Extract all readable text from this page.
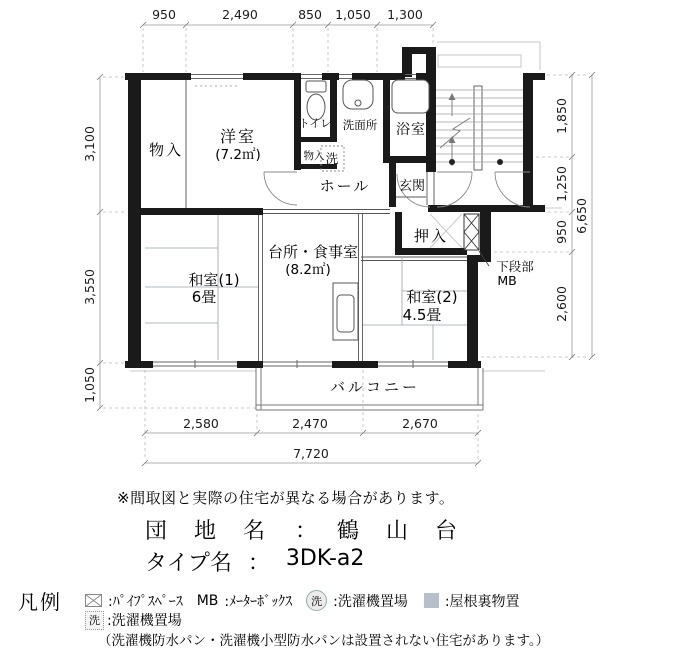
950	2,490	850 1,050 1,300
3,100
3,550
1,050
1,850
1,250
950
2,600
6,650
2,580	2,470	2,670
7,720
物入
洋室
(7.2㎡)
トイレ 洗面所
物入 洗
浴室
ホール 玄関
押入
下段部
MB
和室(1)
6畳
台所・食事室
(8.2㎡)
和室(2)
4.5畳
バルコニー
※間取図と実際の住宅が異なる場合があります。
団 地 名 ： 鶴 山 台
タイプ名 ： 3DK-a2
凡例	:ﾊﾟｲﾌﾟｽﾍﾟｰｽ MB :ﾒｰﾀｰﾎﾞｯｸｽ 洗 :洗濯機置場	:屋根裏物置
洗 :洗濯機置場
（洗濯機防水パン・洗濯機小型防水パンは設置されない住宅があります。）
